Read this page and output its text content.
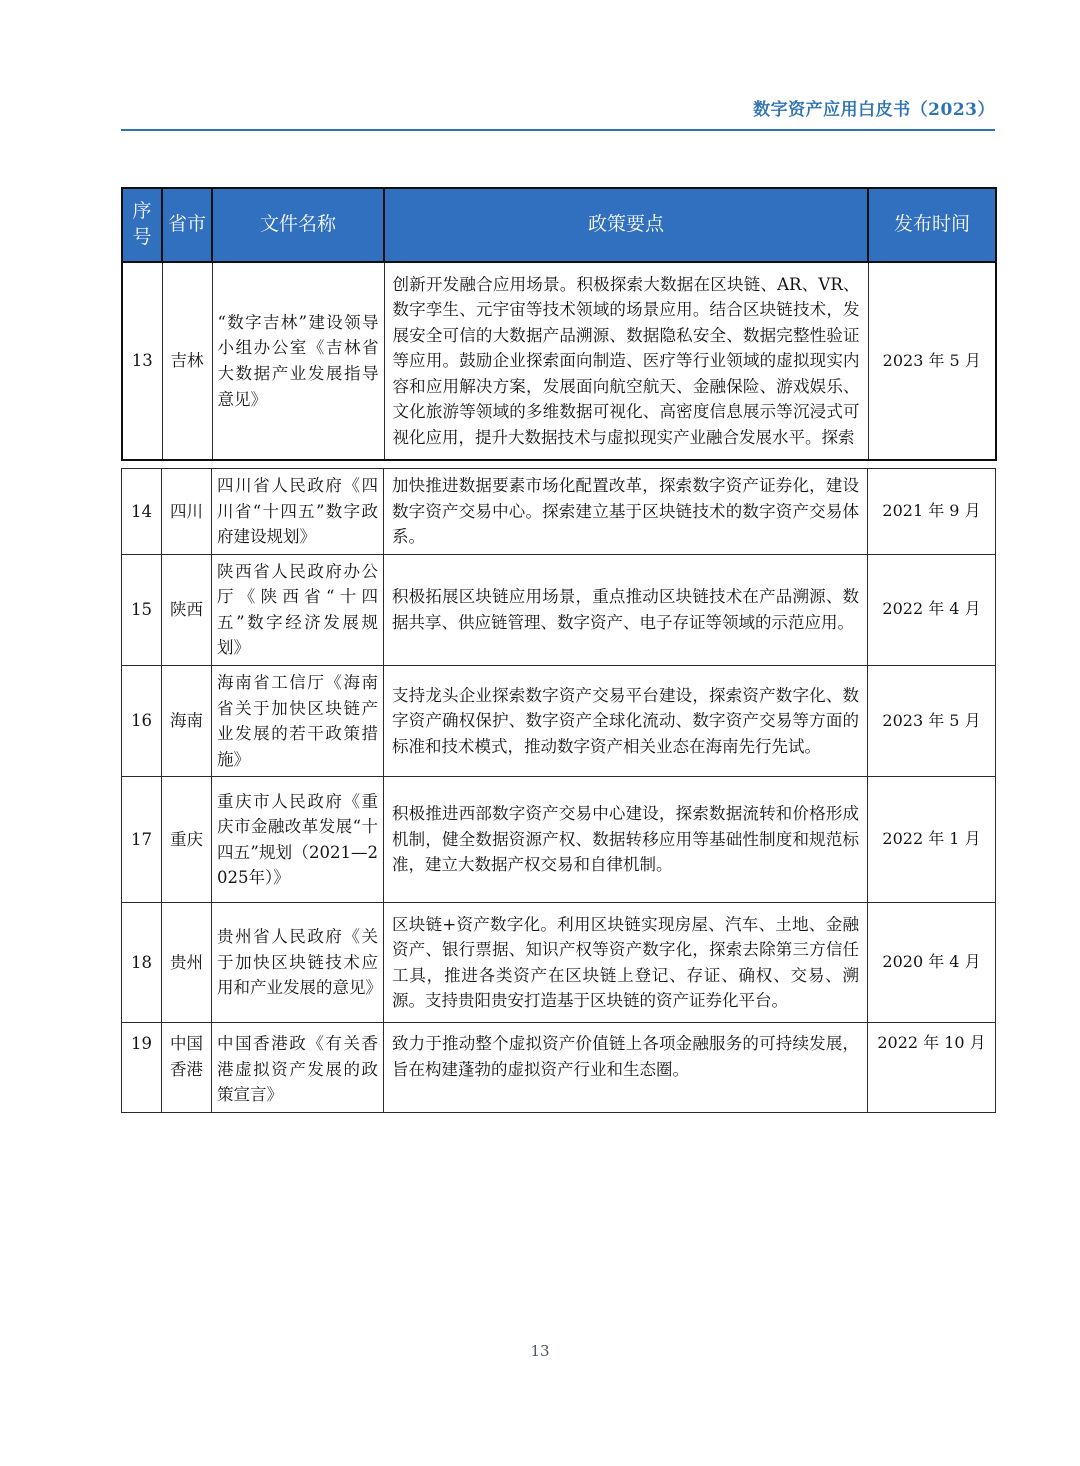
数字资产应用白皮书（2023）
序号	省市	文件名称	政策要点	发布时间
13	吉林	“数字吉林”建设领导小组办公室《吉林省大数据产业发展指导意见》	创新开发融合应用场景。积极探索大数据在区块链、AR、VR、数字孪生、元宇宙等技术领域的场景应用。结合区块链技术，发展安全可信的大数据产品溯源、数据隐私安全、数据完整性验证等应用。鼓励企业探索面向制造、医疗等行业领域的虚拟现实内容和应用解决方案，发展面向航空航天、金融保险、游戏娱乐、文化旅游等领域的多维数据可视化、高密度信息展示等沉浸式可视化应用，提升大数据技术与虚拟现实产业融合发展水平。探索	2023 年 5 月
14	四川	四川省人民政府《四川省“十四五”数字政府建设规划》	加快推进数据要素市场化配置改革，探索数字资产证券化，建设数字资产交易中心。探索建立基于区块链技术的数字资产交易体系。	2021 年 9 月
15	陕西	陕西省人民政府办公厅《陕西省“十四五”数字经济发展规划》	积极拓展区块链应用场景，重点推动区块链技术在产品溯源、数据共享、供应链管理、数字资产、电子存证等领域的示范应用。	2022 年 4 月
16	海南	海南省工信厅《海南省关于加快区块链产业发展的若干政策措施》	支持龙头企业探索数字资产交易平台建设，探索资产数字化、数字资产确权保护、数字资产全球化流动、数字资产交易等方面的标准和技术模式，推动数字资产相关业态在海南先行先试。	2023 年 5 月
17	重庆	重庆市人民政府《重庆市金融改革发展“十四五”规划（2021—2025年）》	积极推进西部数字资产交易中心建设，探索数据流转和价格形成机制，健全数据资源产权、数据转移应用等基础性制度和规范标准，建立大数据产权交易和自律机制。	2022 年 1 月
18	贵州	贵州省人民政府《关于加快区块链技术应用和产业发展的意见》	区块链+资产数字化。利用区块链实现房屋、汽车、土地、金融资产、银行票据、知识产权等资产数字化，探索去除第三方信任工具，推进各类资产在区块链上登记、存证、确权、交易、溯源。支持贵阳贵安打造基于区块链的资产证券化平台。	2020 年 4 月
19	中国香港	中国香港政《有关香港虚拟资产发展的政策宣言》	致力于推动整个虚拟资产价值链上各项金融服务的可持续发展，旨在构建蓬勃的虚拟资产行业和生态圈。	2022 年 10 月
13
